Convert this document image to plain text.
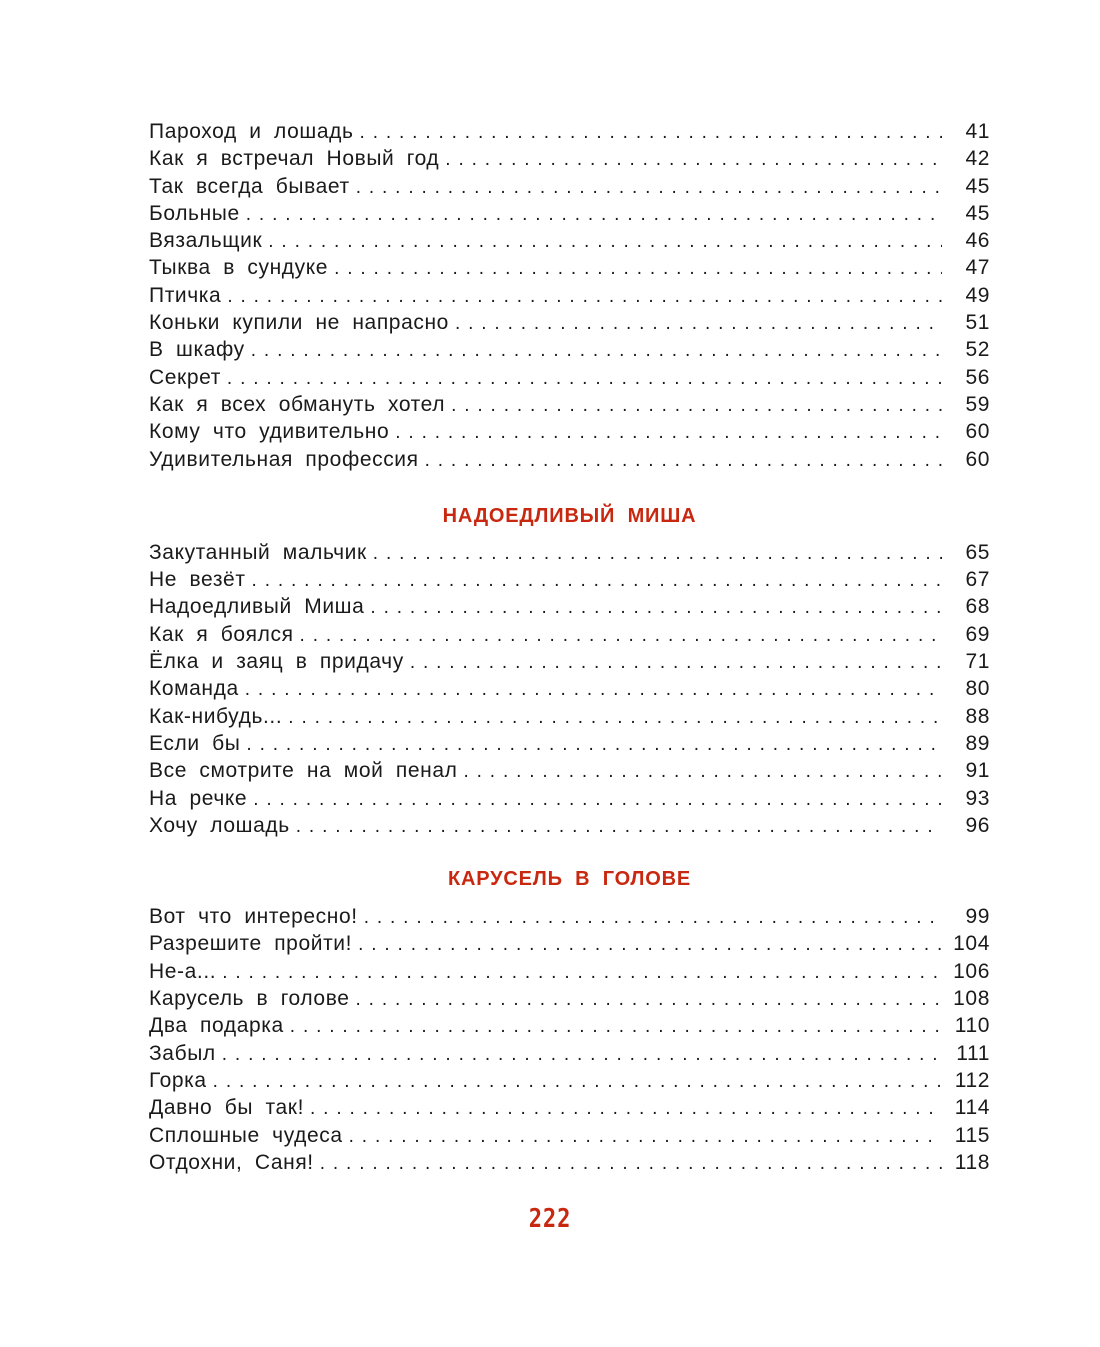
Пароход и лошадь . . .	41
Как я встречал Новый год . . .	42
Так всегда бывает . . .	45
Больные . . .	45
Вязальщик . . .	46
Тыква в сундуке . . .	47
Птичка . . .	49
Коньки купили не напрасно . . .	51
В шкафу . . .	52
Секрет . . .	56
Как я всех обмануть хотел . . .	59
Кому что удивительно . . .	60
Удивительная профессия . . .	60
НАДОЕДЛИВЫЙ МИША
Закутанный мальчик . . .	65
Не везёт . . .	67
Надоедливый Миша . . .	68
Как я боялся . . .	69
Ёлка и заяц в придачу . . .	71
Команда . . .	80
Как-нибудь... . . .	88
Если бы . . .	89
Все смотрите на мой пенал . . .	91
На речке . . .	93
Хочу лошадь . . .	96
КАРУСЕЛЬ В ГОЛОВЕ
Вот что интересно! . . .	99
Разрешите пройти! . . .	104
Не-а... . . .	106
Карусель в голове . . .	108
Два подарка . . .	110
Забыл . . .	111
Горка . . .	112
Давно бы так! . . .	114
Сплошные чудеса . . .	115
Отдохни, Саня! . . .	118
222
